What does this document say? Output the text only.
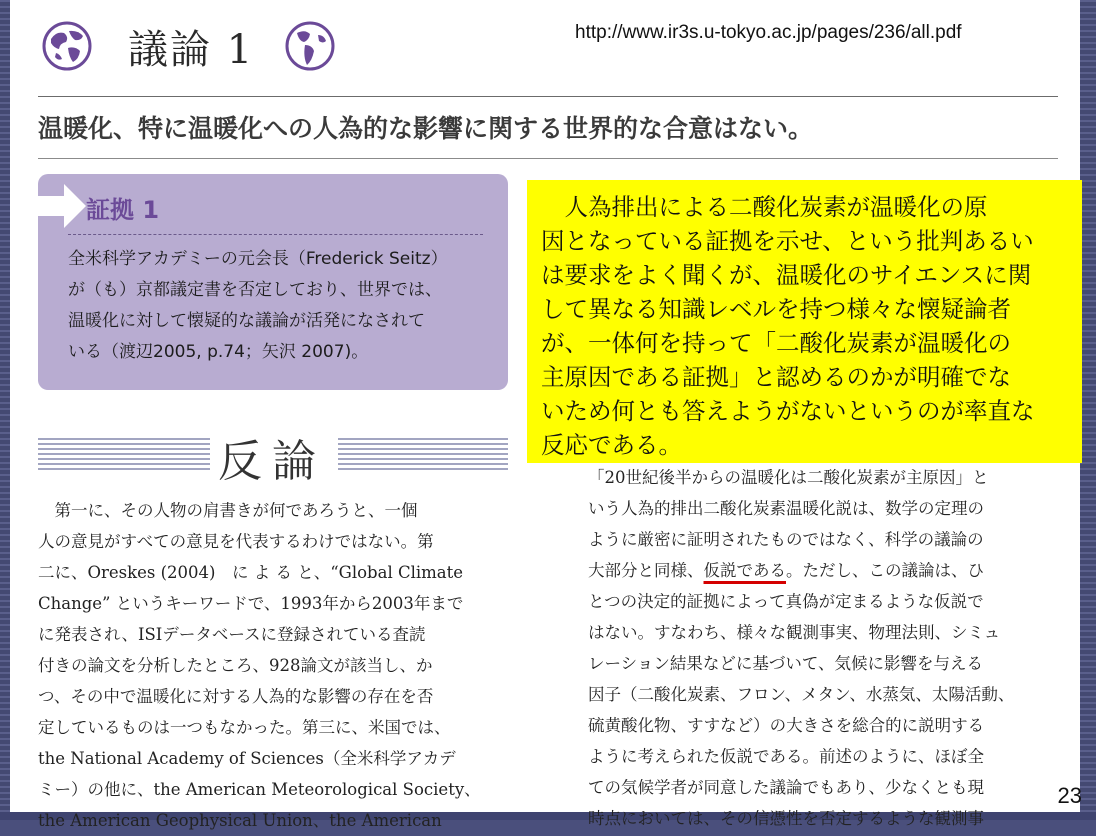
http://www.ir3s.u-tokyo.ac.jp/pages/236/all.pdf
議論 1
温暖化、特に温暖化への人為的な影響に関する世界的な合意はない。
証拠 1

全米科学アカデミーの元会長（Frederick Seitz）

が（も）京都議定書を否定しており、世界では、

温暖化に対して懐疑的な議論が活発になされて

いる（渡辺2005, p.74；矢沢 2007)。

反論

　第一に、その人物の肩書きが何であろうと、一個

人の意見がすべての意見を代表するわけではない。第

二に、Oreskes (2004)　に よ る と、“Global Climate

Change” というキーワードで、1993年から2003年まで

に発表され、ISIデータベースに登録されている査読

付きの論文を分析したところ、928論文が該当し、か

つ、その中で温暖化に対する人為的な影響の存在を否

定しているものは一つもなかった。第三に、米国では、

the National Academy of Sciences（全米科学アカデ

ミー）の他に、the American Meteorological Society、

the American Geophysical Union、the American

　人為排出による二酸化炭素が温暖化の原

因となっている証拠を示せ、という批判あるい

は要求をよく聞くが、温暖化のサイエンスに関

して異なる知識レベルを持つ様々な懐疑論者

が、一体何を持って「二酸化炭素が温暖化の

主原因である証拠」と認めるのかが明確でな

いため何とも答えようがないというのが率直な

反応である。

「20世紀後半からの温暖化は二酸化炭素が主原因」と

いう人為的排出二酸化炭素温暖化説は、数学の定理の

ように厳密に証明されたものではなく、科学の議論の

大部分と同様、仮説である。ただし、この議論は、ひ

とつの決定的証拠によって真偽が定まるような仮説で

はない。すなわち、様々な観測事実、物理法則、シミュ

レーション結果などに基づいて、気候に影響を与える

因子（二酸化炭素、フロン、メタン、水蒸気、太陽活動、

硫黄酸化物、すすなど）の大きさを総合的に説明する

ように考えられた仮説である。前述のように、ほぼ全

ての気候学者が同意した議論でもあり、少なくとも現

時点においては、その信憑性を否定するような観測事

23
